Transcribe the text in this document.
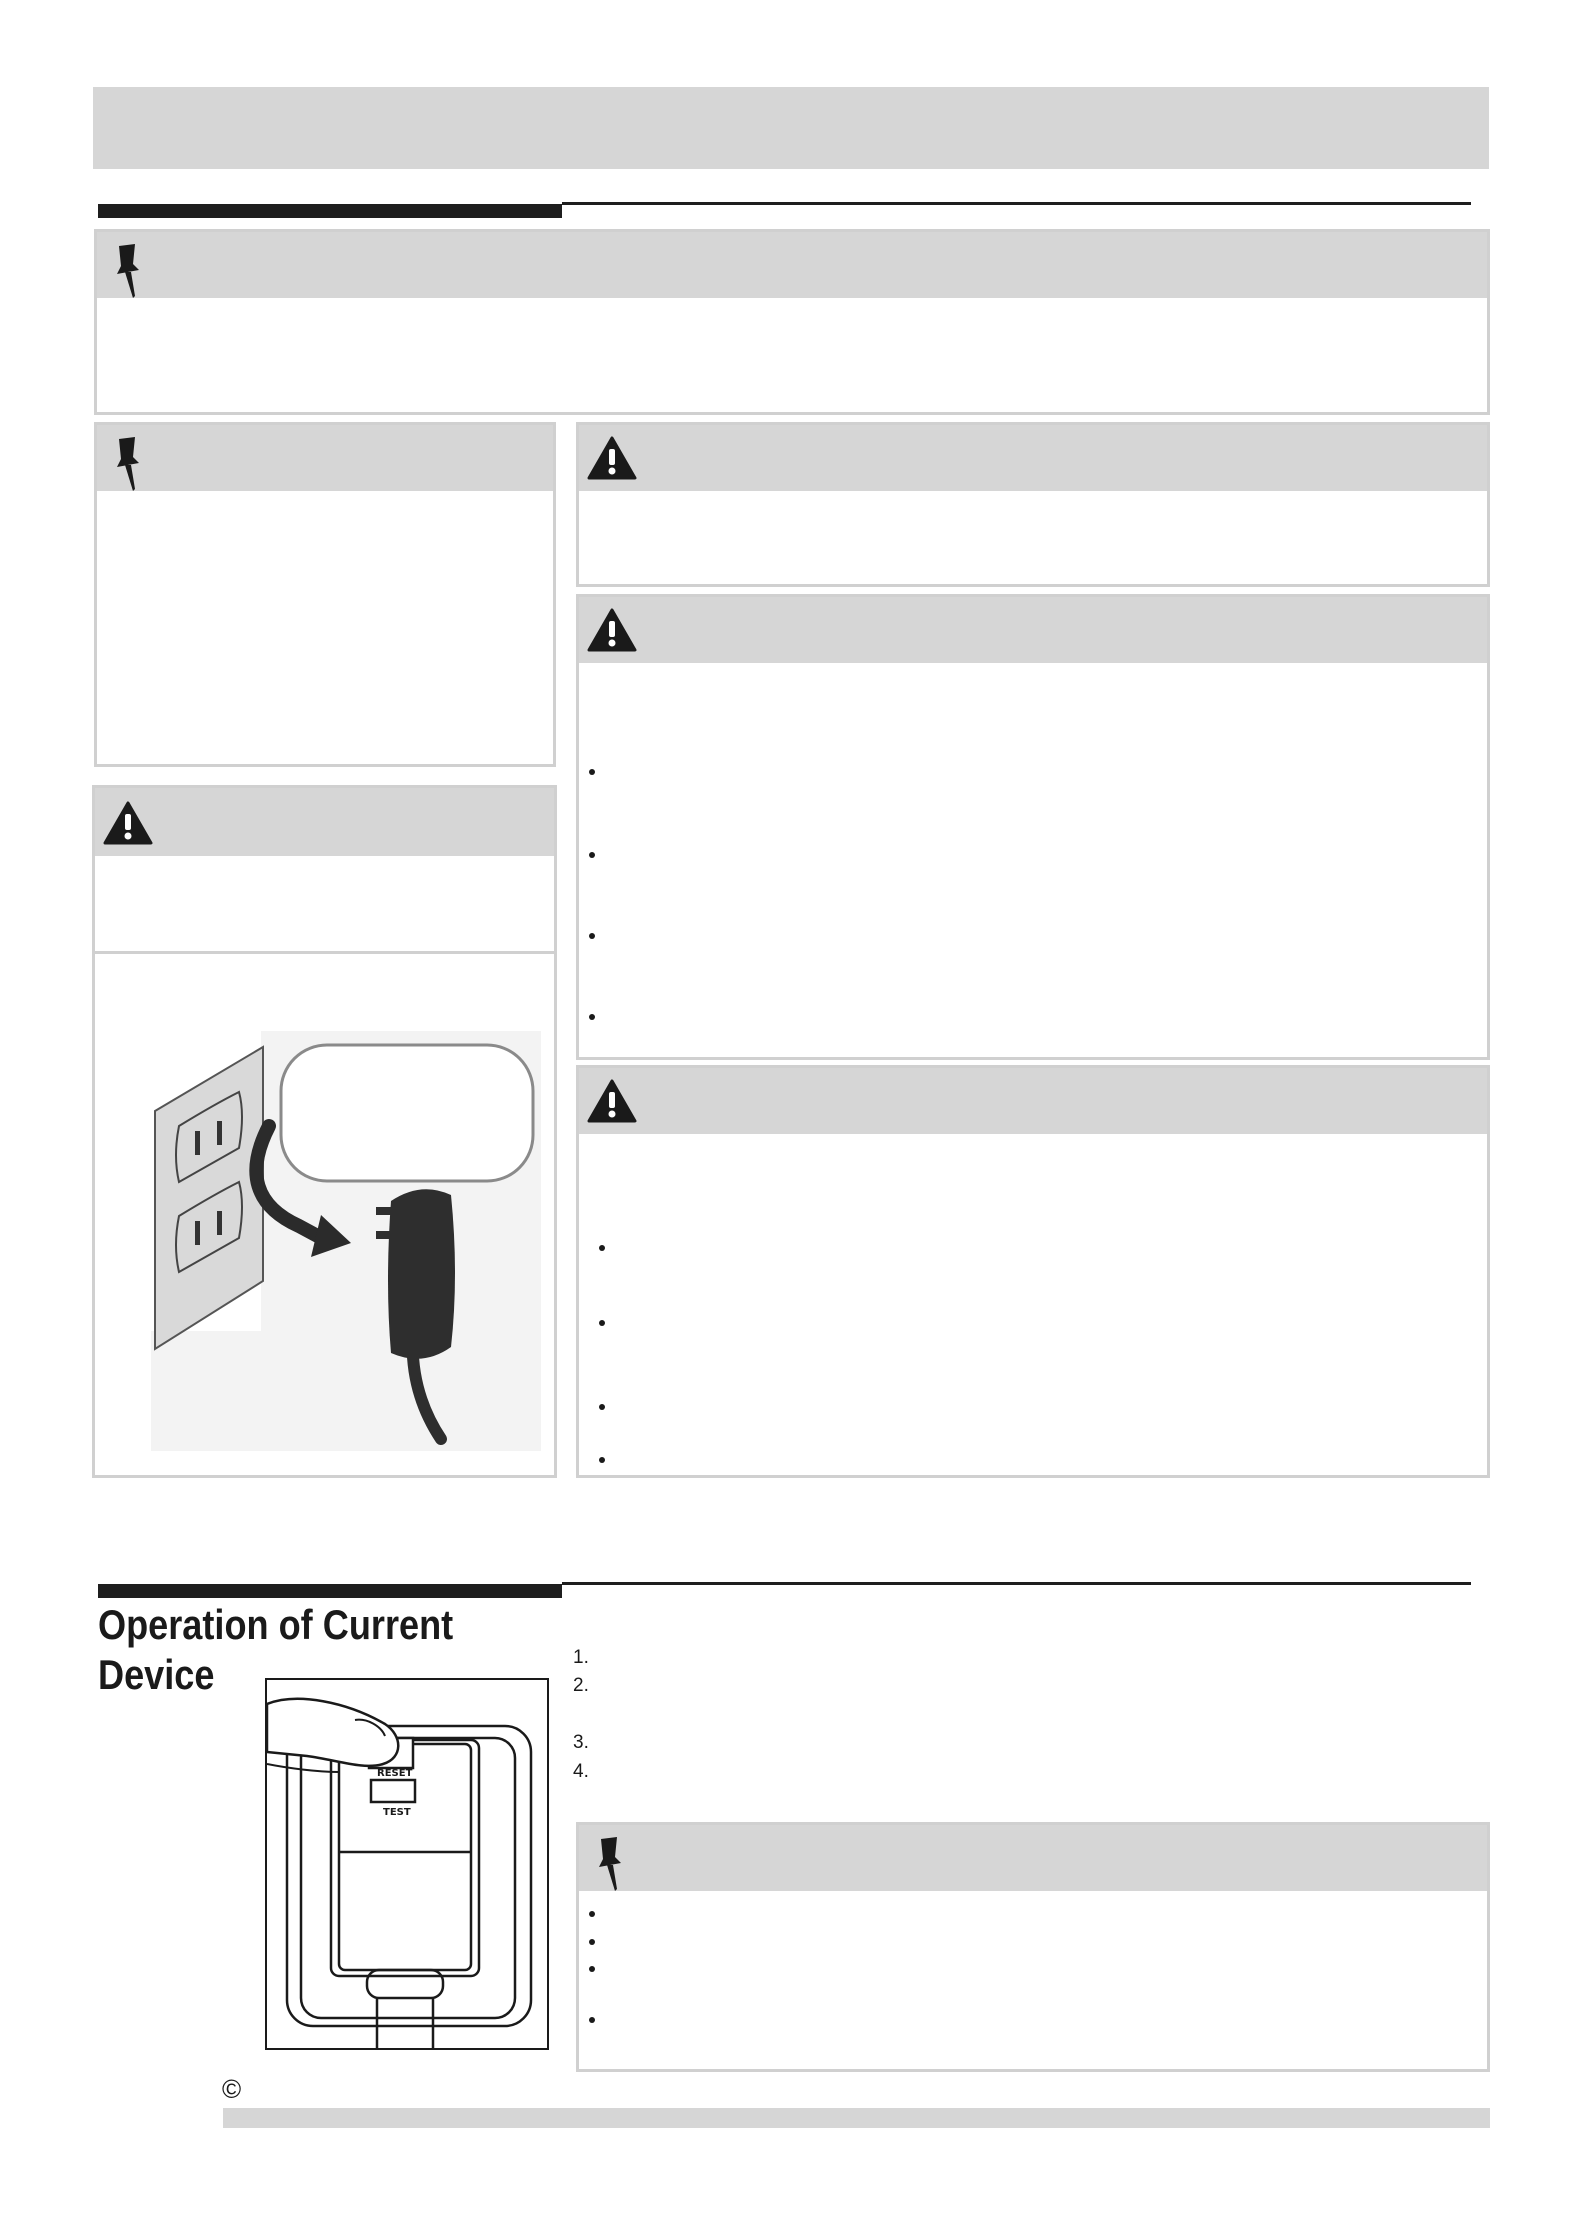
Operation of Current
Device
RESET
TEST
1.
2.
3.
4.
©
